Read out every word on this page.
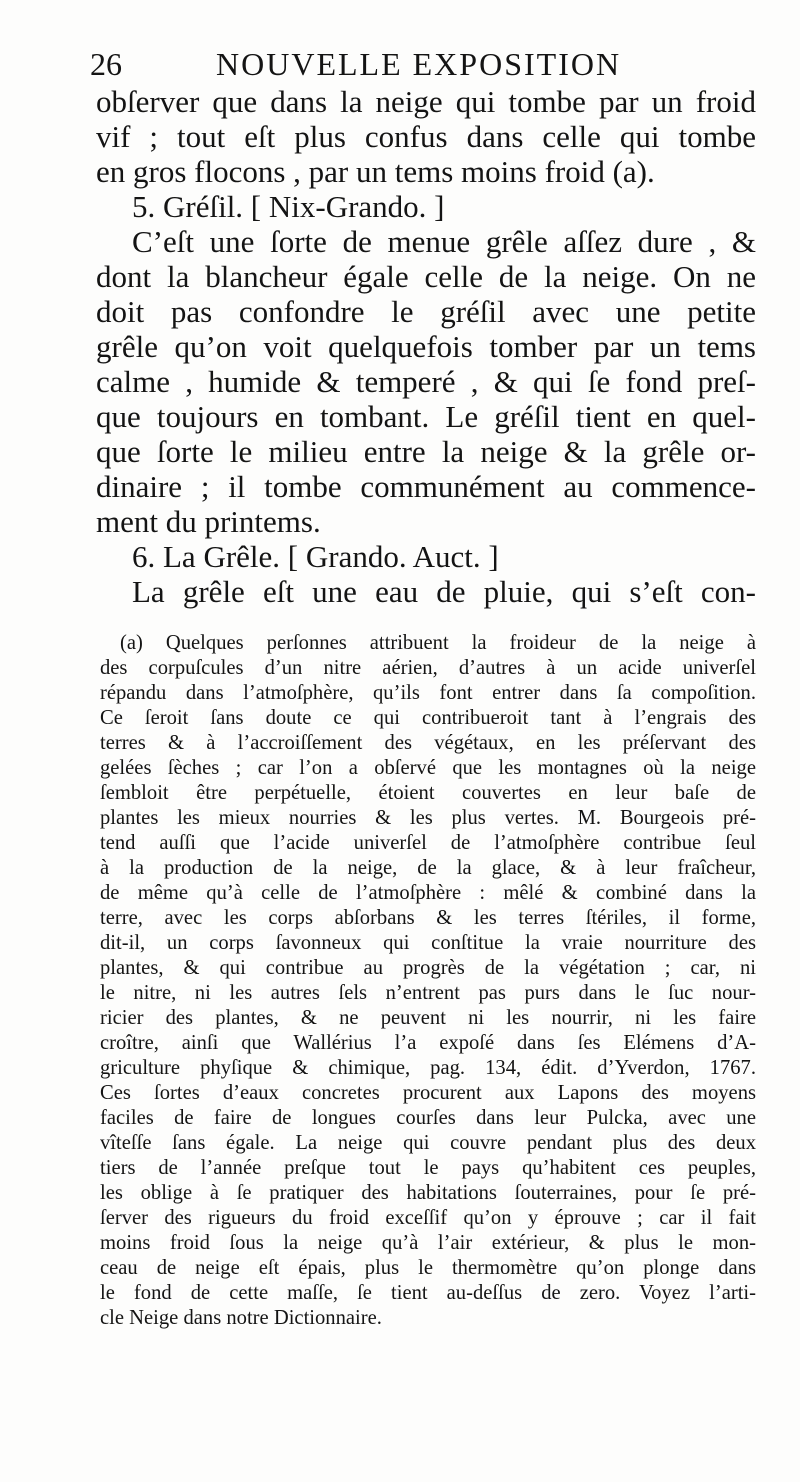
26	NOUVELLE EXPOSITION
obſerver que dans la neige qui tombe par un froid
vif ; tout eſt plus confus dans celle qui tombe
en gros flocons , par un tems moins froid (a).
5. Gréſil. [ Nix-Grando. ]
C’eſt une ſorte de menue grêle aſſez dure , &
dont la blancheur égale celle de la neige. On ne
doit pas confondre le gréſil avec une petite
grêle qu’on voit quelquefois tomber par un tems
calme , humide & temperé , & qui ſe fond preſ-
que toujours en tombant. Le gréſil tient en quel-
que ſorte le milieu entre la neige & la grêle or-
dinaire ; il tombe communément au commence-
ment du printems.
6. La Grêle. [ Grando. Auct. ]
La grêle eſt une eau de pluie, qui s’eſt con-
(a) Quelques perſonnes attribuent la froideur de la neige à
des corpuſcules d’un nitre aérien, d’autres à un acide univerſel
répandu dans l’atmoſphère, qu’ils font entrer dans ſa compoſition.
Ce ſeroit ſans doute ce qui contribueroit tant à l’engrais des
terres & à l’accroiſſement des végétaux, en les préſervant des
gelées ſèches ; car l’on a obſervé que les montagnes où la neige
ſembloit être perpétuelle, étoient couvertes en leur baſe de
plantes les mieux nourries & les plus vertes. M. Bourgeois pré-
tend auſſi que l’acide univerſel de l’atmoſphère contribue ſeul
à la production de la neige, de la glace, & à leur fraîcheur,
de même qu’à celle de l’atmoſphère : mêlé & combiné dans la
terre, avec les corps abſorbans & les terres ſtériles, il forme,
dit-il, un corps ſavonneux qui conſtitue la vraie nourriture des
plantes, & qui contribue au progrès de la végétation ; car, ni
le nitre, ni les autres ſels n’entrent pas purs dans le ſuc nour-
ricier des plantes, & ne peuvent ni les nourrir, ni les faire
croître, ainſi que Wallérius l’a expoſé dans ſes Elémens d’A-
griculture phyſique & chimique, pag. 134, édit. d’Yverdon, 1767.
Ces ſortes d’eaux concretes procurent aux Lapons des moyens
faciles de faire de longues courſes dans leur Pulcka, avec une
vîteſſe ſans égale. La neige qui couvre pendant plus des deux
tiers de l’année preſque tout le pays qu’habitent ces peuples,
les oblige à ſe pratiquer des habitations ſouterraines, pour ſe pré-
ſerver des rigueurs du froid exceſſif qu’on y éprouve ; car il fait
moins froid ſous la neige qu’à l’air extérieur, & plus le mon-
ceau de neige eſt épais, plus le thermomètre qu’on plonge dans
le fond de cette maſſe, ſe tient au-deſſus de zero. Voyez l’arti-
cle Neige dans notre Dictionnaire.
